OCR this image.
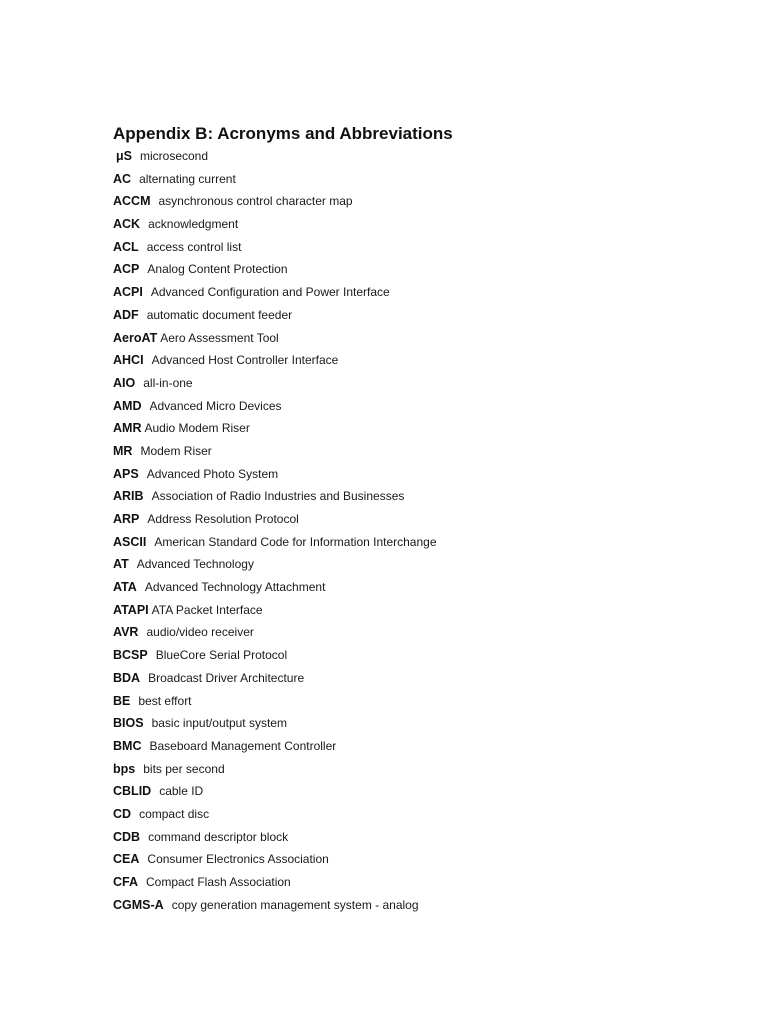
Appendix B: Acronyms and Abbreviations
μS microsecond
AC alternating current
ACCM asynchronous control character map
ACK acknowledgment
ACL access control list
ACP Analog Content Protection
ACPI Advanced Configuration and Power Interface
ADF automatic document feeder
AeroAT Aero Assessment Tool
AHCI Advanced Host Controller Interface
AIO all-in-one
AMD Advanced Micro Devices
AMR Audio Modem Riser
MR Modem Riser
APS Advanced Photo System
ARIB Association of Radio Industries and Businesses
ARP Address Resolution Protocol
ASCII American Standard Code for Information Interchange
AT Advanced Technology
ATA Advanced Technology Attachment
ATAPI ATA Packet Interface
AVR audio/video receiver
BCSP BlueCore Serial Protocol
BDA Broadcast Driver Architecture
BE best effort
BIOS basic input/output system
BMC Baseboard Management Controller
bps bits per second
CBLID cable ID
CD compact disc
CDB command descriptor block
CEA Consumer Electronics Association
CFA Compact Flash Association
CGMS-A copy generation management system - analog
